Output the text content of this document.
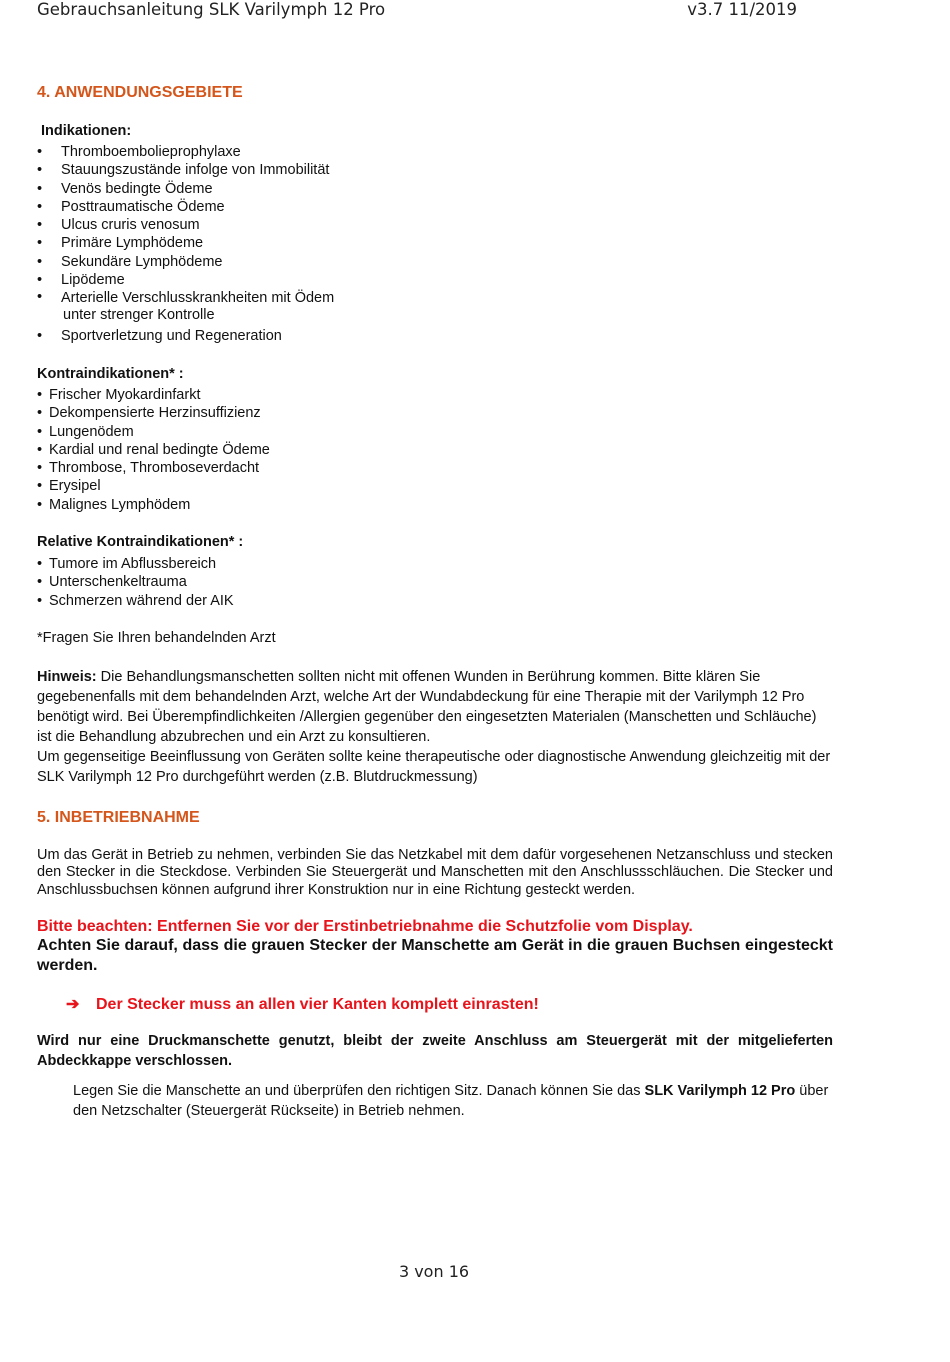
Gebrauchsanleitung SLK Varilymph 12 Pro	v3.7 11/2019
4. ANWENDUNGSGEBIETE

Indikationen:

• Thromboembolieprophylaxe
• Stauungszustände infolge von Immobilität
• Venös bedingte Ödeme
• Posttraumatische Ödeme
• Ulcus cruris venosum
• Primäre Lymphödeme
• Sekundäre Lymphödeme
• Lipödeme
• Arterielle Verschlusskrankheiten mit Ödem
unter strenger Kontrolle
• Sportverletzung und Regeneration

Kontraindikationen* :

• Frischer Myokardinfarkt
• Dekompensierte Herzinsuffizienz
• Lungenödem
• Kardial und renal bedingte Ödeme
• Thrombose, Thromboseverdacht
• Erysipel
• Malignes Lymphödem

Relative Kontraindikationen* :

• Tumore im Abflussbereich
• Unterschenkeltrauma
• Schmerzen während der AIK

*Fragen Sie Ihren behandelnden Arzt

Hinweis: Die Behandlungsmanschetten sollten nicht mit offenen Wunden in Berührung kommen. Bitte klären Sie gegebenenfalls mit dem behandelnden Arzt, welche Art der Wundabdeckung für eine Therapie mit der Varilymph 12 Pro benötigt wird. Bei Überempfindlichkeiten /Allergien gegenüber den eingesetzten Materialen (Manschetten und Schläuche) ist die Behandlung abzubrechen und ein Arzt zu konsultieren.
Um gegenseitige Beeinflussung von Geräten sollte keine therapeutische oder diagnostische Anwendung gleichzeitig mit der SLK Varilymph 12 Pro durchgeführt werden (z.B. Blutdruckmessung)

5. INBETRIEBNAHME

Um das Gerät in Betrieb zu nehmen, verbinden Sie das Netzkabel mit dem dafür vorgesehenen Netzanschluss und stecken den Stecker in die Steckdose. Verbinden Sie Steuergerät und Manschetten mit den Anschlussschläuchen. Die Stecker und Anschlussbuchsen können aufgrund ihrer Konstruktion nur in eine Richtung gesteckt werden.

Bitte beachten: Entfernen Sie vor der Erstinbetriebnahme die Schutzfolie vom Display.

Achten Sie darauf, dass die grauen Stecker der Manschette am Gerät in die grauen Buchsen eingesteckt werden.

➔ Der Stecker muss an allen vier Kanten komplett einrasten!

Wird nur eine Druckmanschette genutzt, bleibt der zweite Anschluss am Steuergerät mit der mitgelieferten Abdeckkappe verschlossen.

Legen Sie die Manschette an und überprüfen den richtigen Sitz. Danach können Sie das SLK Varilymph 12 Pro über den Netzschalter (Steuergerät Rückseite) in Betrieb nehmen.

3 von 16
